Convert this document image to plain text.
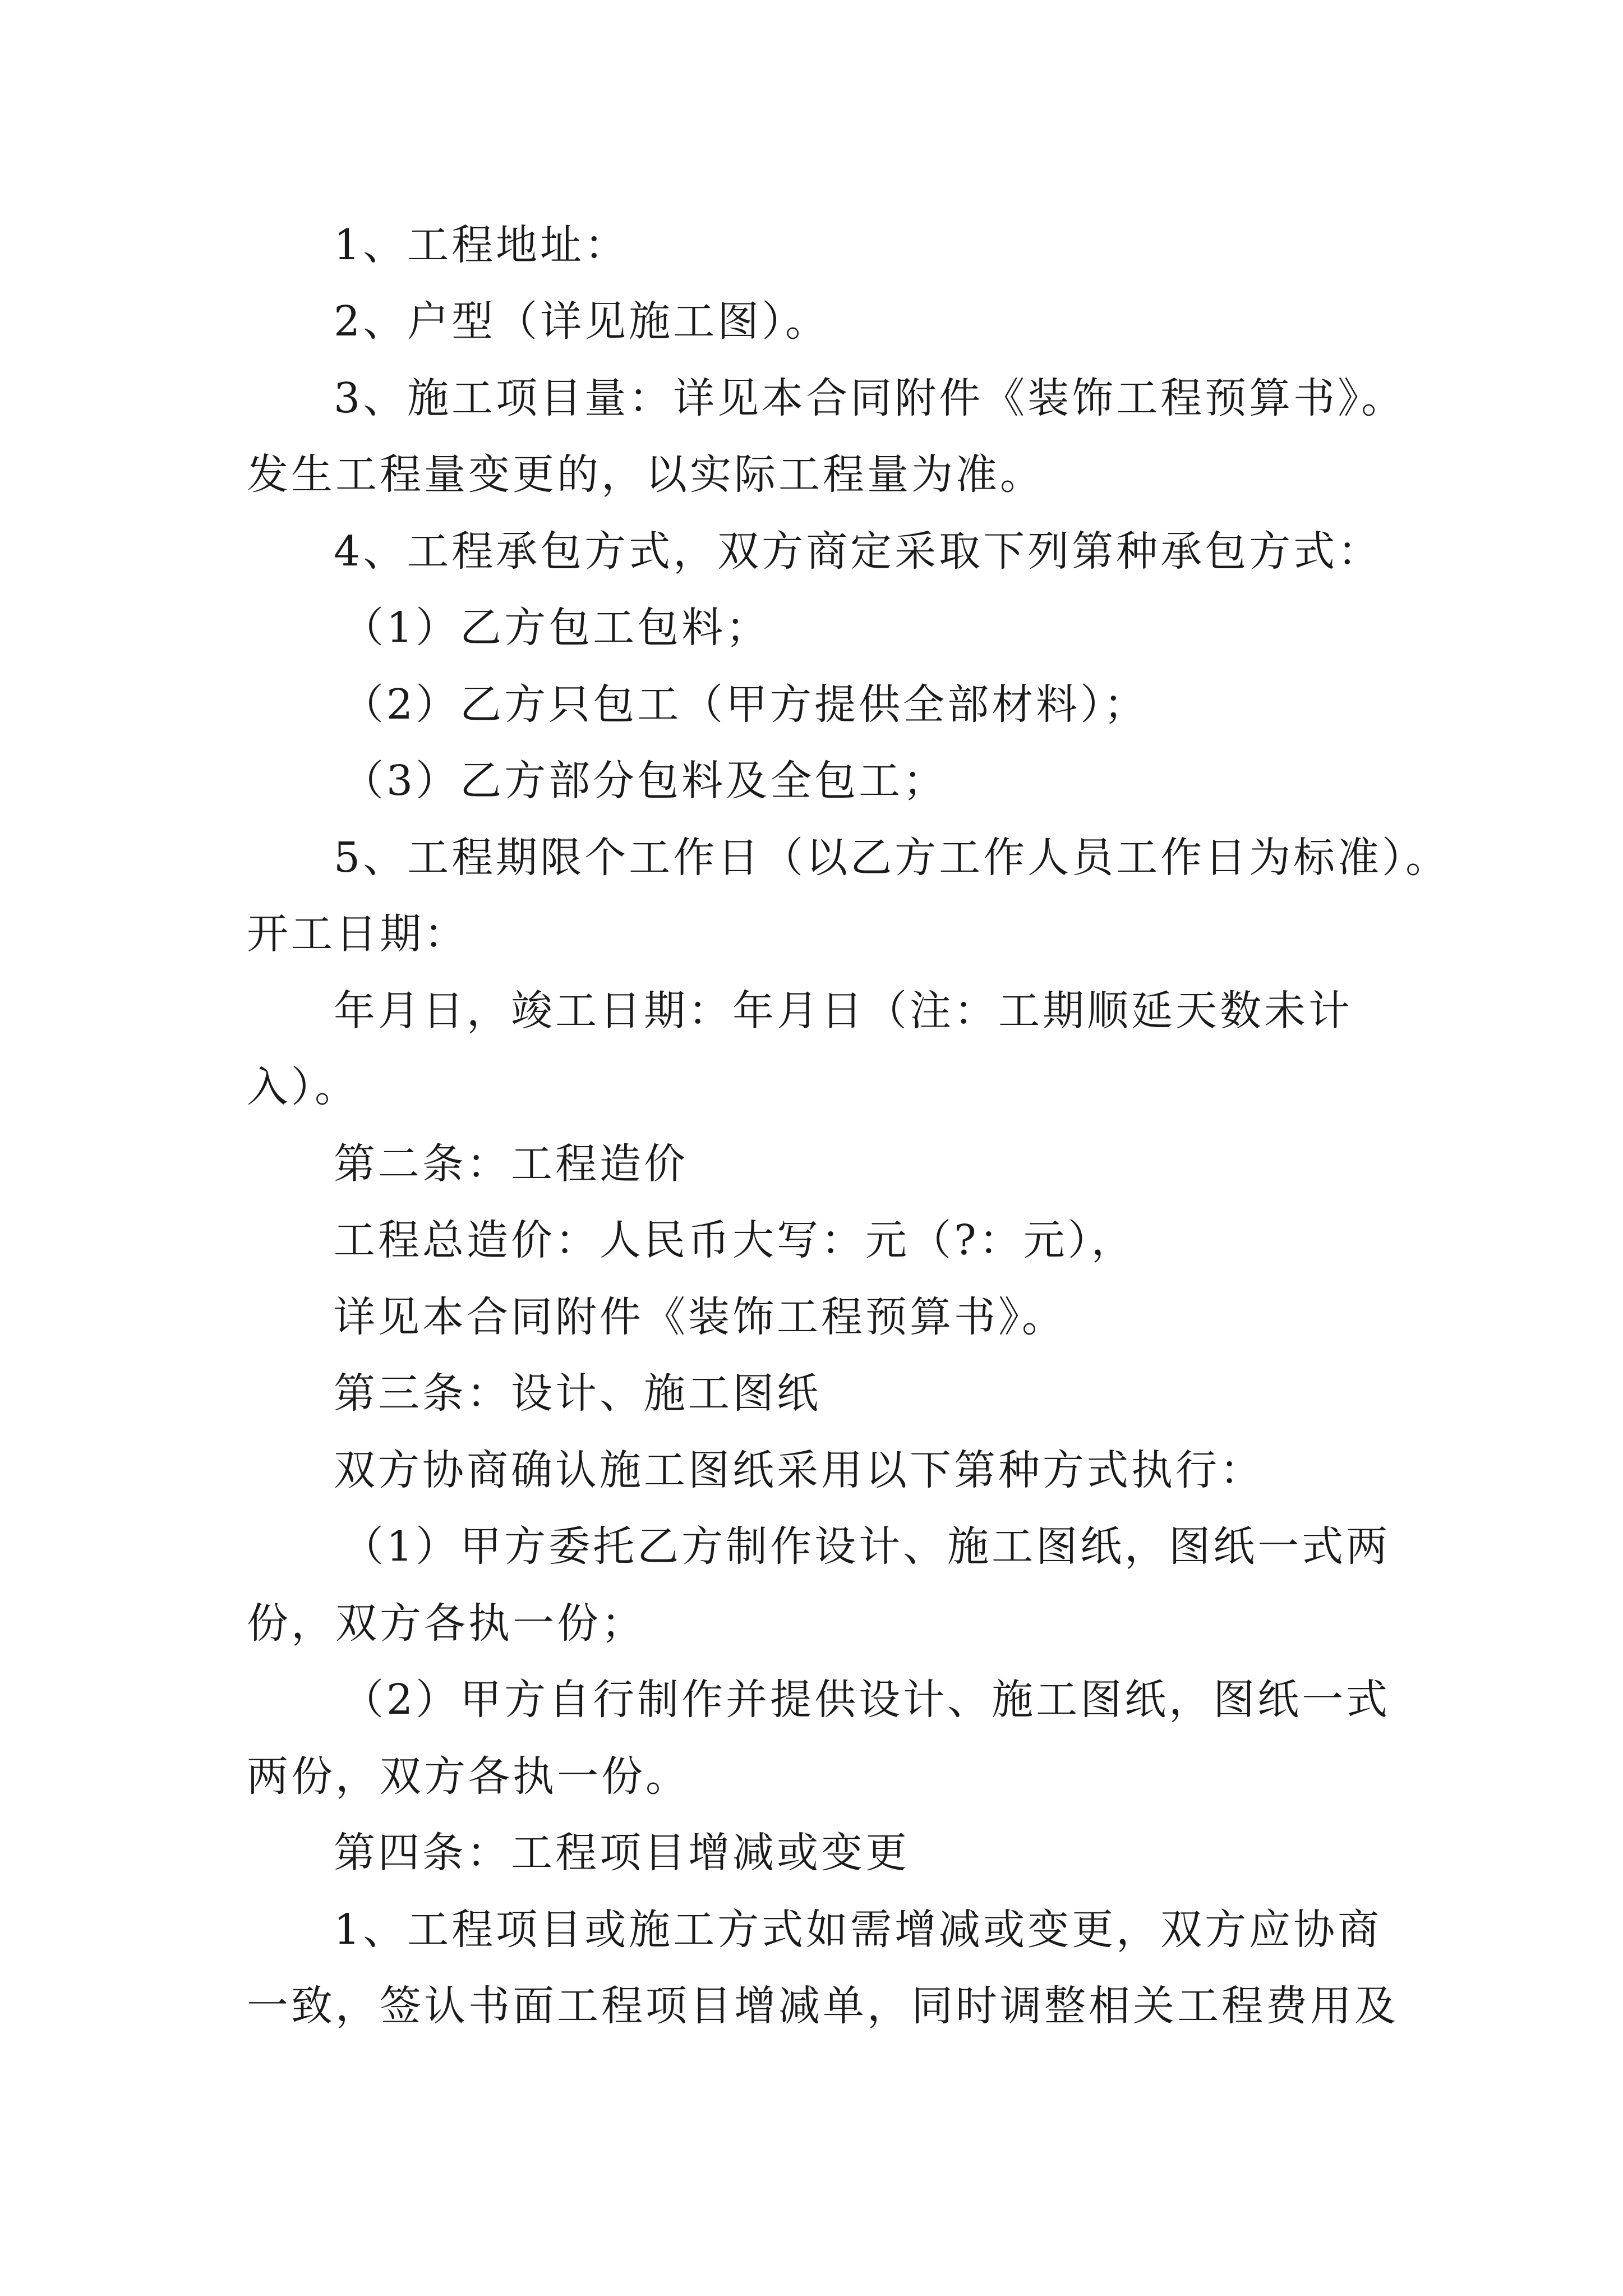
1、工程地址：
2、户型（详见施工图）。
3、施工项目量：详见本合同附件《装饰工程预算书》。
发生工程量变更的，以实际工程量为准。
4、工程承包方式，双方商定采取下列第种承包方式：
（1）乙方包工包料；
（2）乙方只包工（甲方提供全部材料）；
（3）乙方部分包料及全包工；
5、工程期限个工作日（以乙方工作人员工作日为标准）。
开工日期：
年月日，竣工日期：年月日（注：工期顺延天数未计
入）。
第二条：工程造价
工程总造价：人民币大写：元（?：元），
详见本合同附件《装饰工程预算书》。
第三条：设计、施工图纸
双方协商确认施工图纸采用以下第种方式执行：
（1）甲方委托乙方制作设计、施工图纸，图纸一式两
份，双方各执一份；
（2）甲方自行制作并提供设计、施工图纸，图纸一式
两份，双方各执一份。
第四条：工程项目增减或变更
1、工程项目或施工方式如需增减或变更，双方应协商
一致，签认书面工程项目增减单，同时调整相关工程费用及
